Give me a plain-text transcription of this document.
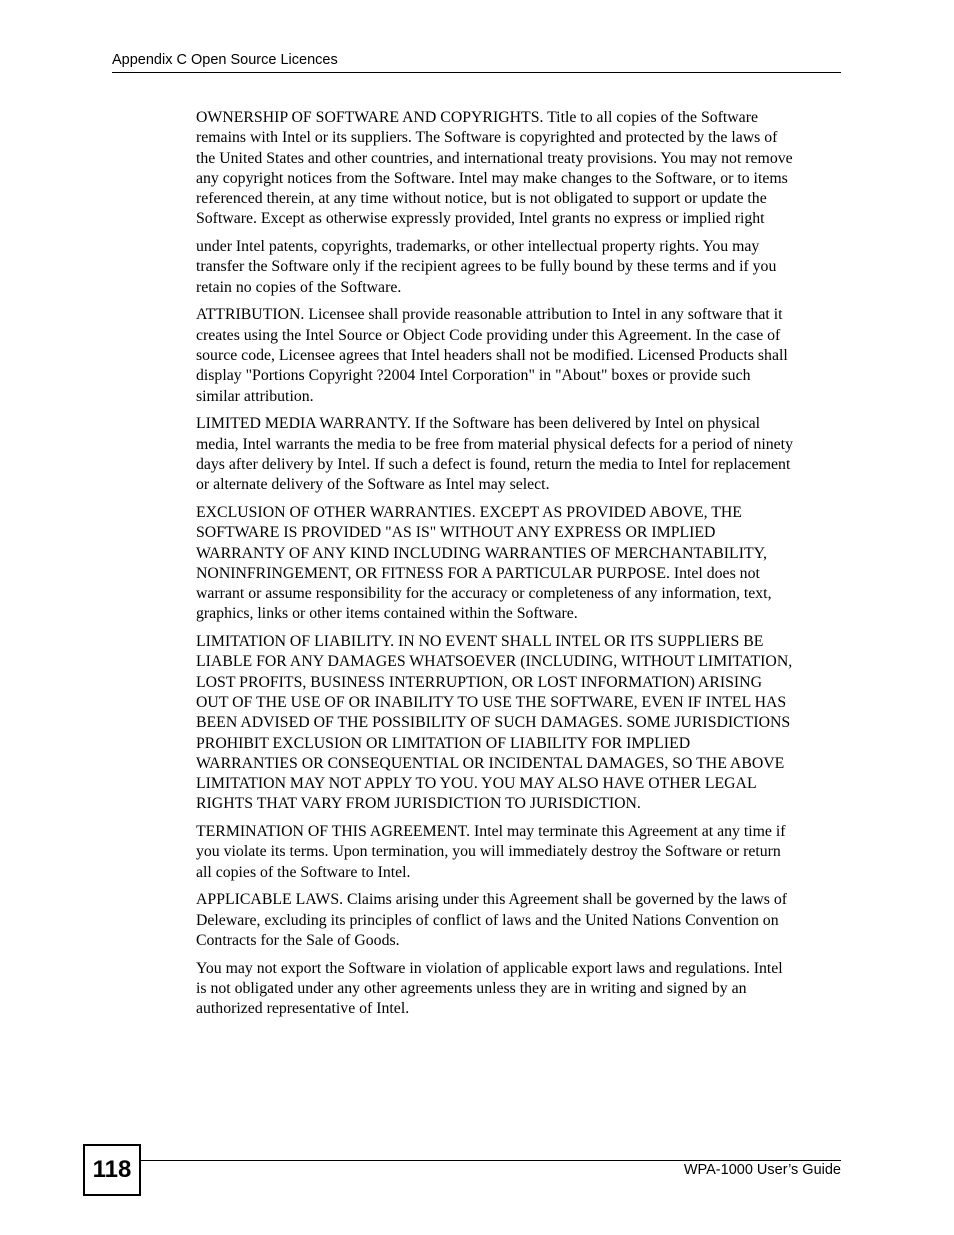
Appendix C Open Source Licences

OWNERSHIP OF SOFTWARE AND COPYRIGHTS. Title to all copies of the Software
remains with Intel or its suppliers. The Software is copyrighted and protected by the laws of
the United States and other countries, and international treaty provisions. You may not remove
any copyright notices from the Software. Intel may make changes to the Software, or to items
referenced therein, at any time without notice, but is not obligated to support or update the
Software. Except as otherwise expressly provided, Intel grants no express or implied right

under Intel patents, copyrights, trademarks, or other intellectual property rights. You may
transfer the Software only if the recipient agrees to be fully bound by these terms and if you
retain no copies of the Software.

ATTRIBUTION. Licensee shall provide reasonable attribution to Intel in any software that it
creates using the Intel Source or Object Code providing under this Agreement. In the case of
source code, Licensee agrees that Intel headers shall not be modified. Licensed Products shall
display "Portions Copyright ?2004 Intel Corporation" in "About" boxes or provide such
similar attribution.

LIMITED MEDIA WARRANTY. If the Software has been delivered by Intel on physical
media, Intel warrants the media to be free from material physical defects for a period of ninety
days after delivery by Intel. If such a defect is found, return the media to Intel for replacement
or alternate delivery of the Software as Intel may select.

EXCLUSION OF OTHER WARRANTIES. EXCEPT AS PROVIDED ABOVE, THE
SOFTWARE IS PROVIDED "AS IS" WITHOUT ANY EXPRESS OR IMPLIED
WARRANTY OF ANY KIND INCLUDING WARRANTIES OF MERCHANTABILITY,
NONINFRINGEMENT, OR FITNESS FOR A PARTICULAR PURPOSE. Intel does not
warrant or assume responsibility for the accuracy or completeness of any information, text,
graphics, links or other items contained within the Software.

LIMITATION OF LIABILITY. IN NO EVENT SHALL INTEL OR ITS SUPPLIERS BE
LIABLE FOR ANY DAMAGES WHATSOEVER (INCLUDING, WITHOUT LIMITATION,
LOST PROFITS, BUSINESS INTERRUPTION, OR LOST INFORMATION) ARISING
OUT OF THE USE OF OR INABILITY TO USE THE SOFTWARE, EVEN IF INTEL HAS
BEEN ADVISED OF THE POSSIBILITY OF SUCH DAMAGES. SOME JURISDICTIONS
PROHIBIT EXCLUSION OR LIMITATION OF LIABILITY FOR IMPLIED
WARRANTIES OR CONSEQUENTIAL OR INCIDENTAL DAMAGES, SO THE ABOVE
LIMITATION MAY NOT APPLY TO YOU. YOU MAY ALSO HAVE OTHER LEGAL
RIGHTS THAT VARY FROM JURISDICTION TO JURISDICTION.

TERMINATION OF THIS AGREEMENT. Intel may terminate this Agreement at any time if
you violate its terms. Upon termination, you will immediately destroy the Software or return
all copies of the Software to Intel.

APPLICABLE LAWS. Claims arising under this Agreement shall be governed by the laws of
Deleware, excluding its principles of conflict of laws and the United Nations Convention on
Contracts for the Sale of Goods.

You may not export the Software in violation of applicable export laws and regulations. Intel
is not obligated under any other agreements unless they are in writing and signed by an
authorized representative of Intel.

118	WPA-1000 User’s Guide
